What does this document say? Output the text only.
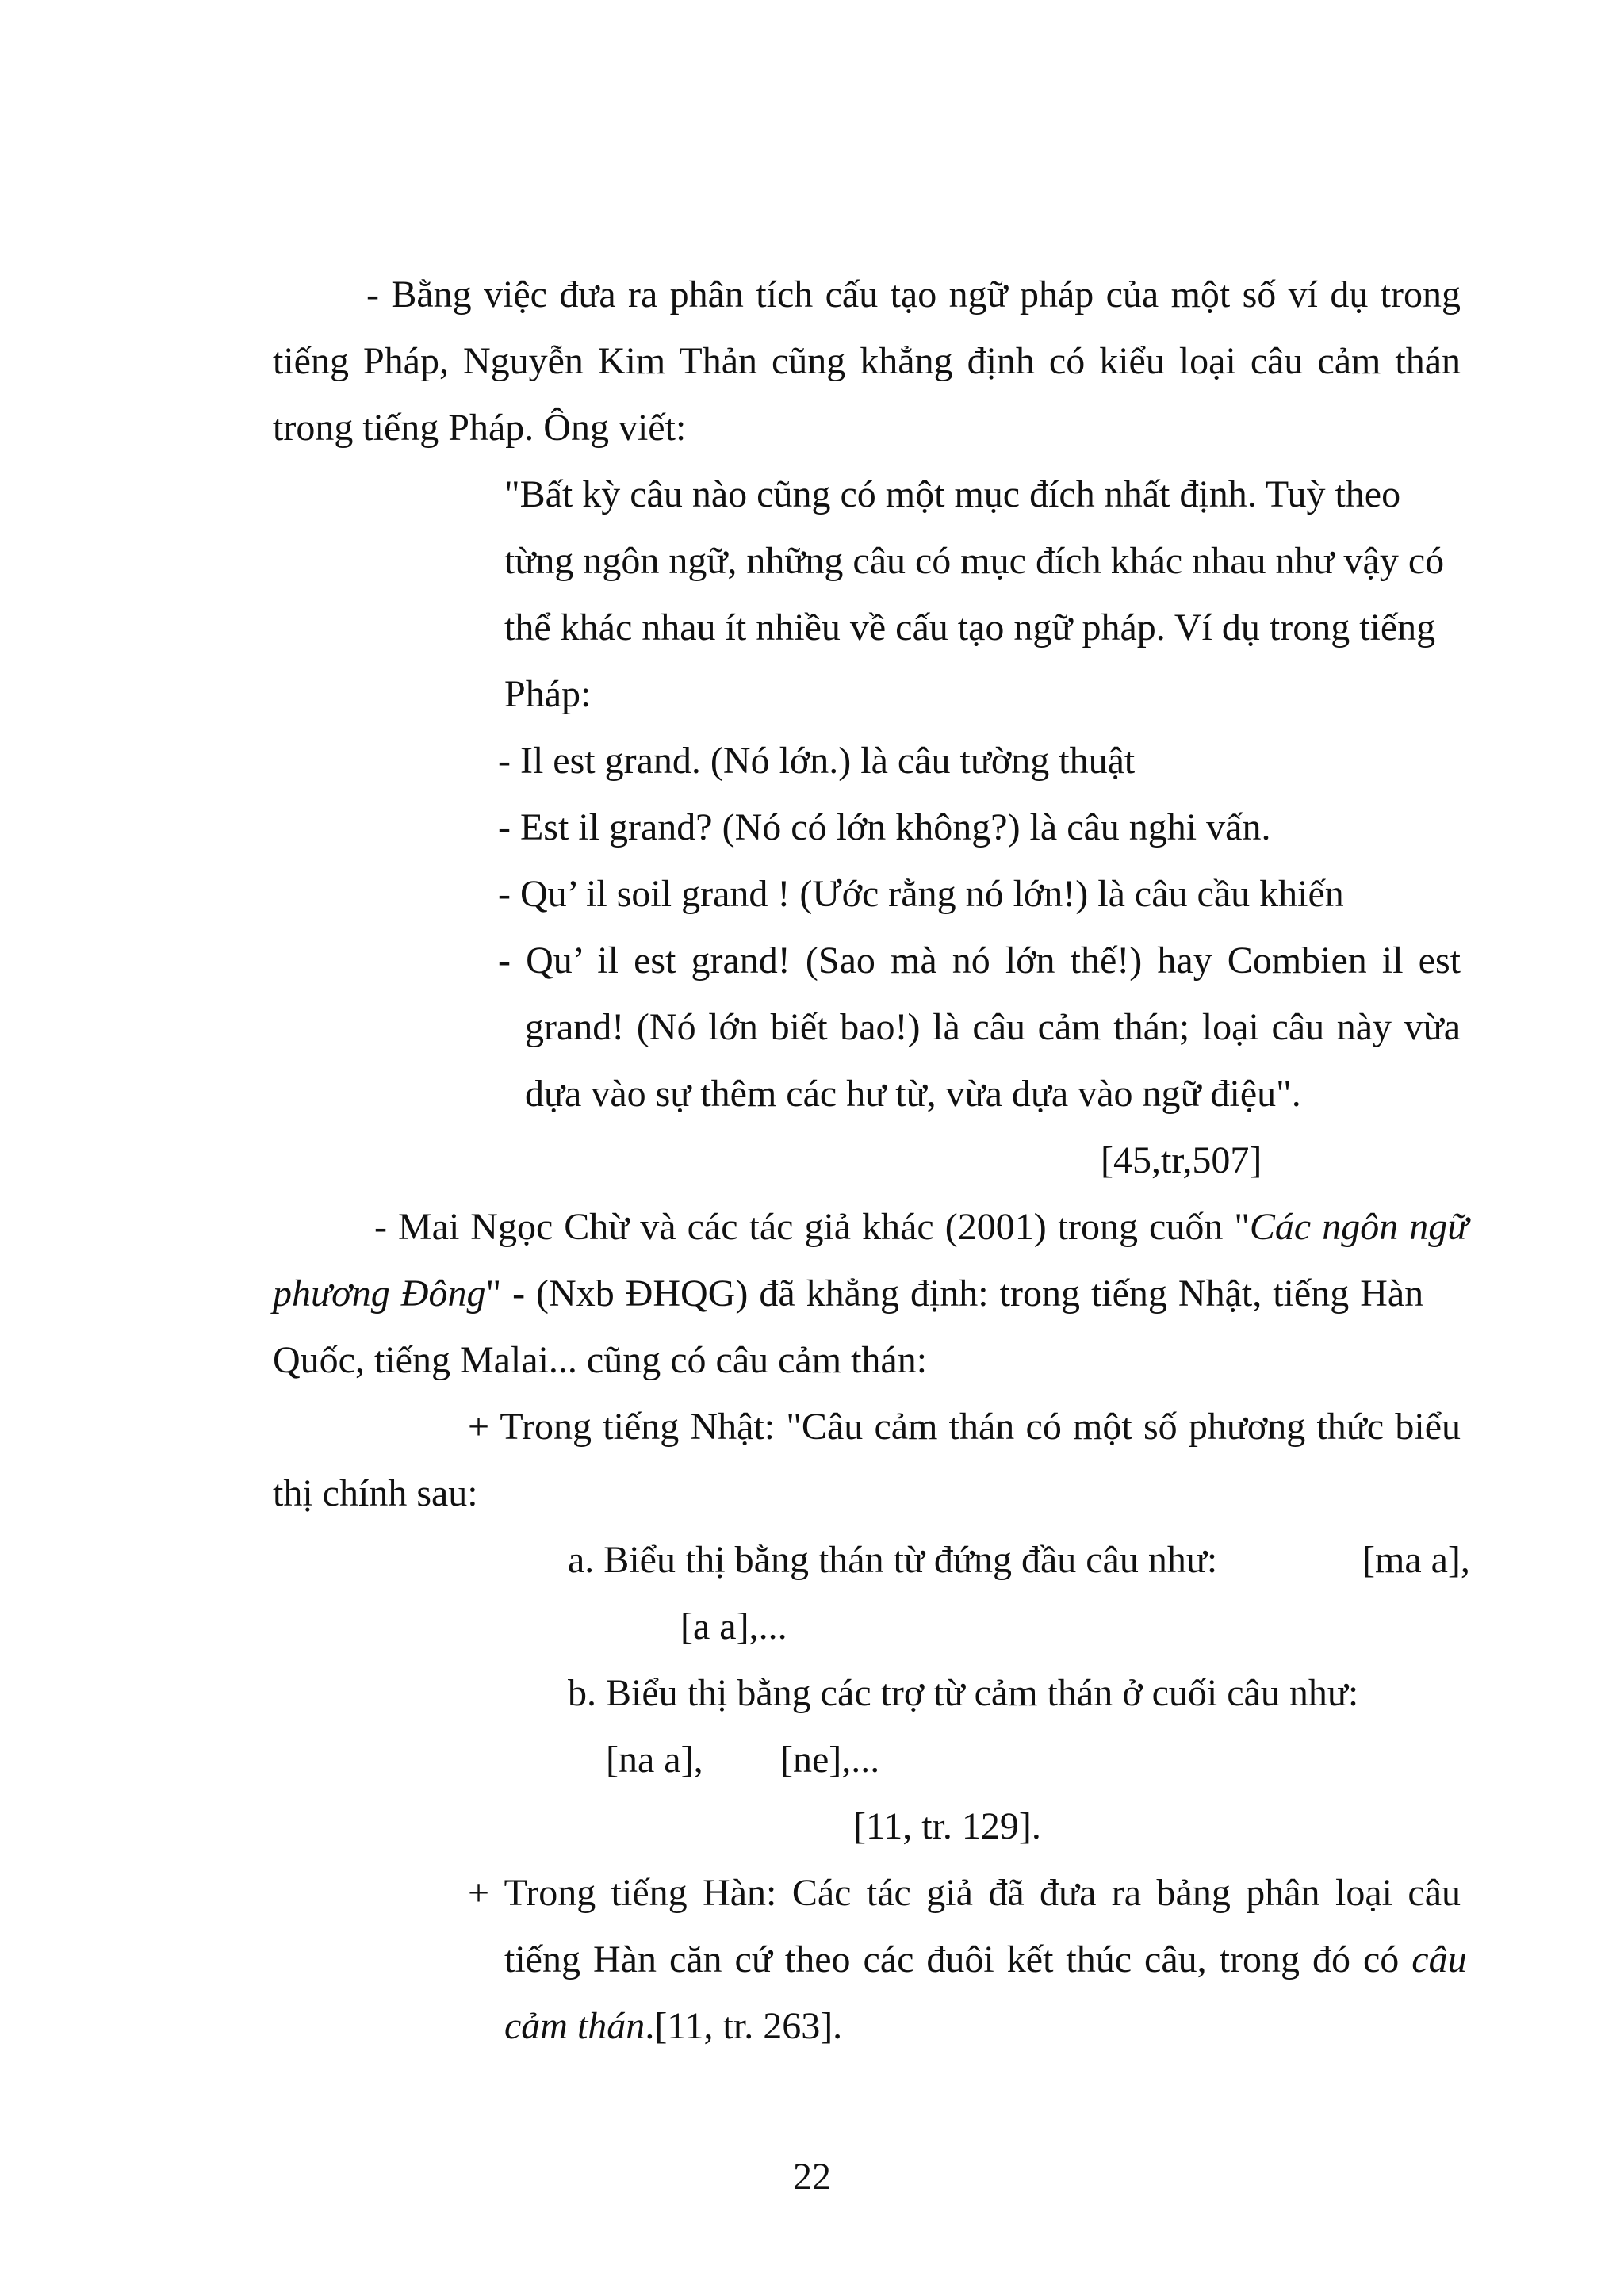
- Bằng việc đưa ra phân tích cấu tạo ngữ pháp của một số ví dụ trong
tiếng Pháp, Nguyễn Kim Thản cũng khẳng định có kiểu loại câu cảm thán
trong tiếng Pháp. Ông viết:
"Bất kỳ câu nào cũng có một mục đích nhất định. Tuỳ theo
từng ngôn ngữ, những câu có mục đích khác nhau như vậy có
thể khác nhau ít nhiều về cấu tạo ngữ pháp. Ví dụ trong tiếng
Pháp:
- Il est grand. (Nó lớn.) là câu tường thuật
- Est il grand? (Nó có lớn không?) là câu nghi vấn.
- Qu’ il soil grand ! (Ước rằng nó lớn!) là câu cầu khiến
- Qu’ il est grand! (Sao mà nó lớn thế!) hay Combien il est
grand! (Nó lớn biết bao!) là câu cảm thán; loại câu này vừa
dựa vào sự thêm các hư từ, vừa dựa vào ngữ điệu".
[45,tr,507]
- Mai Ngọc Chừ và các tác giả khác (2001) trong cuốn "Các ngôn ngữ
phương Đông" - (Nxb ĐHQG) đã khẳng định: trong tiếng Nhật, tiếng Hàn
Quốc, tiếng Malai... cũng có câu cảm thán:
+ Trong tiếng Nhật: "Câu cảm thán có một số phương thức biểu
thị chính sau:
a. Biểu thị bằng thán từ đứng đầu câu như:	[ma a],
[a a],...
b. Biểu thị bằng các trợ từ cảm thán ở cuối câu như:
[na a], [ne],...
[11, tr. 129].
+ Trong tiếng Hàn: Các tác giả đã đưa ra bảng phân loại câu
tiếng Hàn căn cứ theo các đuôi kết thúc câu, trong đó có câu
cảm thán.[11, tr. 263].
22
